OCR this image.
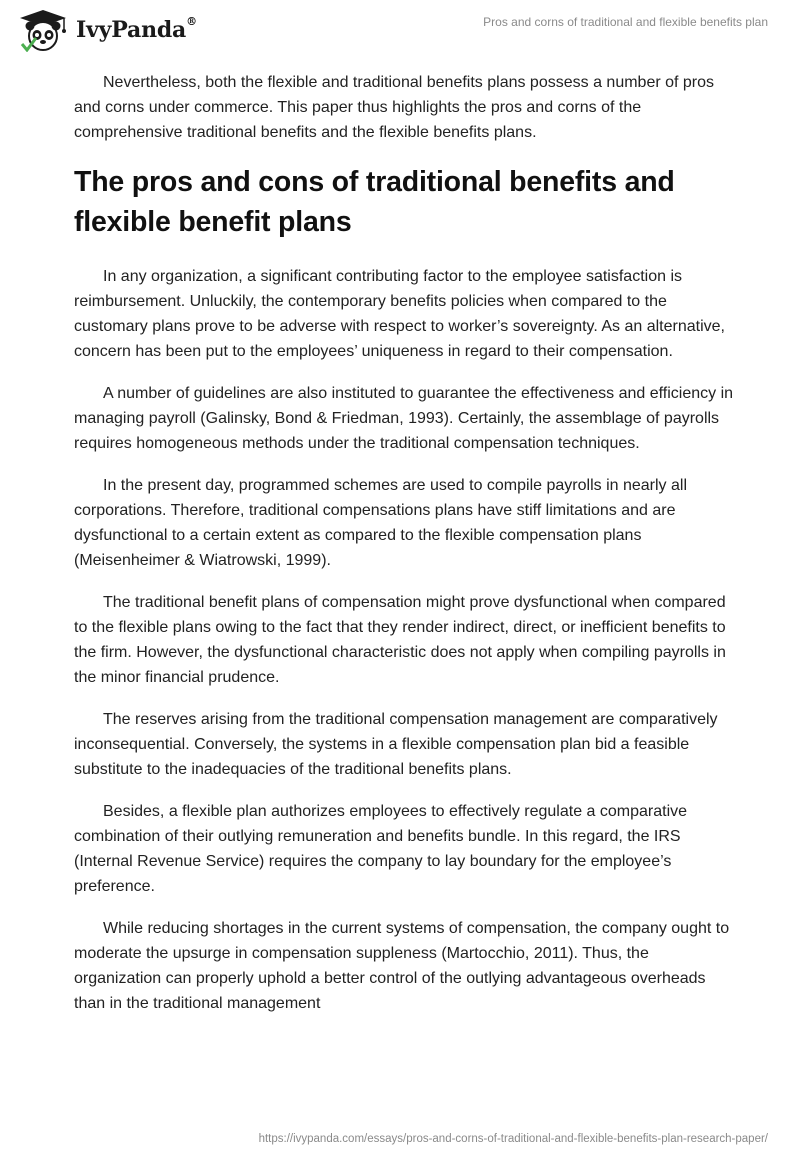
IvyPanda®	Pros and corns of traditional and flexible benefits plan

Nevertheless, both the flexible and traditional benefits plans possess a number of pros and corns under commerce. This paper thus highlights the pros and corns of the comprehensive traditional benefits and the flexible benefits plans.

The pros and cons of traditional benefits and flexible benefit plans

In any organization, a significant contributing factor to the employee satisfaction is reimbursement. Unluckily, the contemporary benefits policies when compared to the customary plans prove to be adverse with respect to worker’s sovereignty. As an alternative, concern has been put to the employees’ uniqueness in regard to their compensation.

A number of guidelines are also instituted to guarantee the effectiveness and efficiency in managing payroll (Galinsky, Bond & Friedman, 1993). Certainly, the assemblage of payrolls requires homogeneous methods under the traditional compensation techniques.

In the present day, programmed schemes are used to compile payrolls in nearly all corporations. Therefore, traditional compensations plans have stiff limitations and are dysfunctional to a certain extent as compared to the flexible compensation plans (Meisenheimer & Wiatrowski, 1999).

The traditional benefit plans of compensation might prove dysfunctional when compared to the flexible plans owing to the fact that they render indirect, direct, or inefficient benefits to the firm. However, the dysfunctional characteristic does not apply when compiling payrolls in the minor financial prudence.

The reserves arising from the traditional compensation management are comparatively inconsequential. Conversely, the systems in a flexible compensation plan bid a feasible substitute to the inadequacies of the traditional benefits plans.

Besides, a flexible plan authorizes employees to effectively regulate a comparative combination of their outlying remuneration and benefits bundle. In this regard, the IRS (Internal Revenue Service) requires the company to lay boundary for the employee’s preference.

While reducing shortages in the current systems of compensation, the company ought to moderate the upsurge in compensation suppleness (Martocchio, 2011). Thus, the organization can properly uphold a better control of the outlying advantageous overheads than in the traditional management

https://ivypanda.com/essays/pros-and-corns-of-traditional-and-flexible-benefits-plan-research-paper/
